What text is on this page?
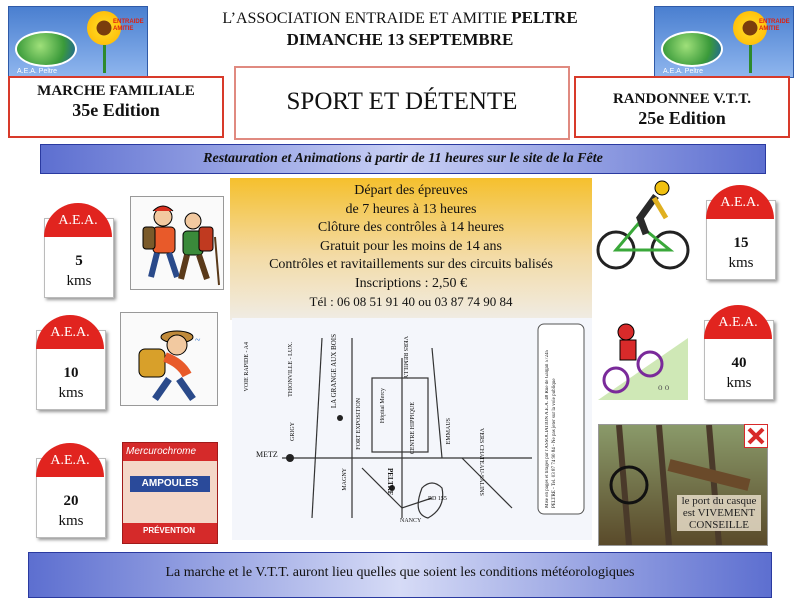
ENTRAIDE AMITIE
A.E.A. Peltre
ENTRAIDE AMITIE
A.E.A. Peltre
L’ASSOCIATION ENTRAIDE ET AMITIE PELTRE
DIMANCHE 13 SEPTEMBRE
MARCHE FAMILIALE
35e Edition	SPORT ET DÉTENTE	RANDONNEE V.T.T.
25e Edition
Restauration et Animations à partir de 11 heures sur le site de la Fête
A.E.A.
5
kms
A.E.A.
10
kms
A.E.A.
20
kms
A.E.A.
15
kms
A.E.A.
40
kms
~
Mercurochrome
AMPOULES
PRÉVENTION
o o
le port du casque est VIVEMENT CONSEILLE
Départ des épreuves
de 7 heures à 13 heures
Clôture des contrôles à 14 heures
Gratuit pour les moins de 14 ans
Contrôles et ravitaillements sur des circuits balisés
Inscriptions : 2,50 €
Tél : 06 08 51 91 40 ou 03 87 74 90 84
METZ
VOIE RAPIDE - A4	THIONVILLE - LUX.	LA GRANGE AUX BOIS	VERS REMILLY
FORT EXPOSITION	Hôpital Mercy
GRIGY	CENTRE HIPPIQUE	EMMAUS
MAGNY	PELTRE	VERS CHATEAU-SALINS
NANCY
RD 155	Mise en pages et tirages par l'ASSOCIATION A.E.A. 48 Rue de Gargan 57245 PELTRE - Tel. 03 87 74 90 84 - Ne pas jeter sur la voie publique
La marche et le V.T.T. auront lieu quelles que soient les conditions météorologiques
